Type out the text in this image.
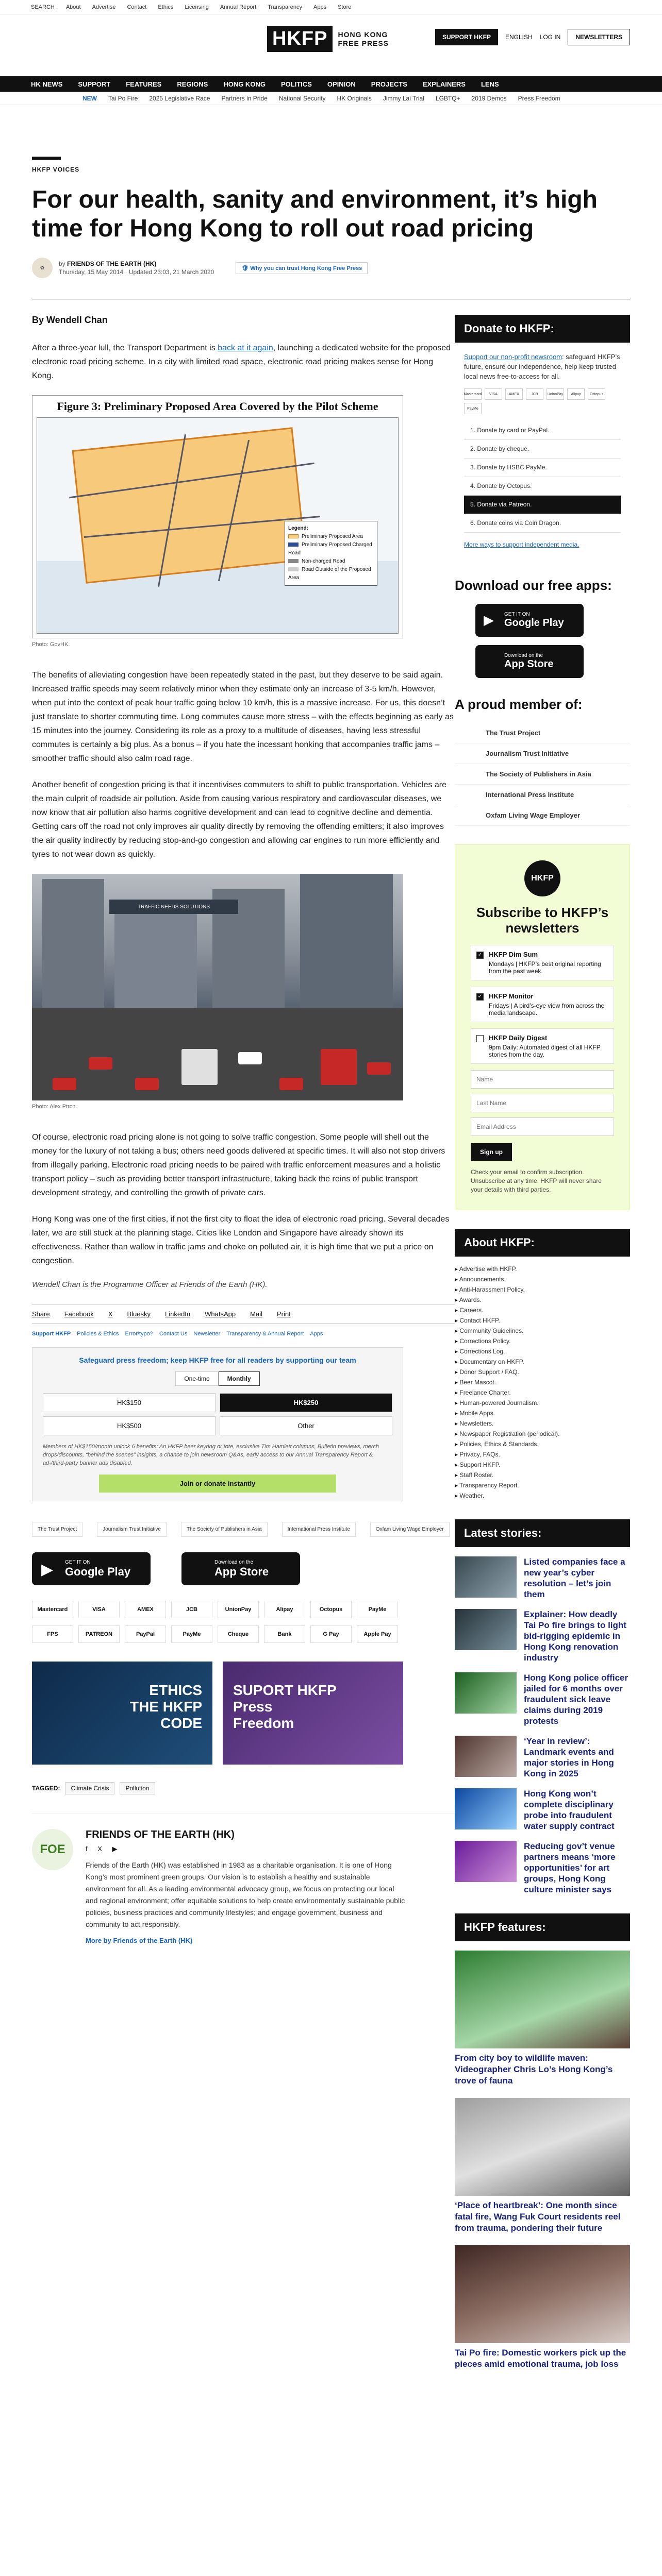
SEARCH About Advertise Contact Ethics Licensing Annual Report Transparency Apps Store
HKFP	HONG KONG
FREE PRESS
SUPPORT HKFP	ENGLISH LOG IN	NEWSLETTERS
HK NEWS SUPPORT FEATURES REGIONS HONG KONG POLITICS OPINION PROJECTS EXPLAINERS LENS
NEW Tai Po Fire 2025 Legislative Race Partners in Pride National Security HK Originals Jimmy Lai Trial LGBTQ+ 2019 Demos Press Freedom
HKFP VOICES
For our health, sanity and environment, it’s high time for Hong Kong to roll out road pricing
✿
by FRIENDS OF THE EARTH (HK)
Thursday, 15 May 2014 · Updated 23:03, 21 March 2020
🛡 Why you can trust Hong Kong Free Press
By Wendell Chan

After a three-year lull, the Transport Department is back at it again, launching a dedicated website for the proposed electronic road pricing scheme. In a city with limited road space, electronic road pricing makes sense for Hong Kong.

Figure 3: Preliminary Proposed Area Covered by the Pilot Scheme
Legend:
Preliminary Proposed Area
Preliminary Proposed Charged Road
Non-charged Road
Road Outside of the Proposed Area
Photo: GovHK.

The benefits of alleviating congestion have been repeatedly stated in the past, but they deserve to be said again. Increased traffic speeds may seem relatively minor when they estimate only an increase of 3-5 km/h. However, when put into the context of peak hour traffic going below 10 km/h, this is a massive increase. For us, this doesn’t just translate to shorter commuting time. Long commutes cause more stress – with the effects beginning as early as 15 minutes into the journey. Considering its role as a proxy to a multitude of diseases, having less stressful commutes is certainly a big plus. As a bonus – if you hate the incessant honking that accompanies traffic jams – smoother traffic should also calm road rage.

Another benefit of congestion pricing is that it incentivises commuters to shift to public transportation. Vehicles are the main culprit of roadside air pollution. Aside from causing various respiratory and cardiovascular diseases, we now know that air pollution also harms cognitive development and can lead to cognitive decline and dementia. Getting cars off the road not only improves air quality directly by removing the offending emitters; it also improves the air quality indirectly by reducing stop-and-go congestion and allowing car engines to run more efficiently and tyres to not wear down as quickly.

TRAFFIC NEEDS SOLUTIONS
Photo: Alex Ptrcn.

Of course, electronic road pricing alone is not going to solve traffic congestion. Some people will shell out the money for the luxury of not taking a bus; others need goods delivered at specific times. It will also not stop drivers from illegally parking. Electronic road pricing needs to be paired with traffic enforcement measures and a holistic transport policy – such as providing better transport infrastructure, taking back the reins of public transport development strategy, and controlling the growth of private cars.

Hong Kong was one of the first cities, if not the first city to float the idea of electronic road pricing. Several decades later, we are still stuck at the planning stage. Cities like London and Singapore have already shown its effectiveness. Rather than wallow in traffic jams and choke on polluted air, it is high time that we put a price on congestion.

Wendell Chan is the Programme Officer at Friends of the Earth (HK).
Share Facebook X Bluesky LinkedIn WhatsApp Mail Print
Support HKFP Policies & Ethics Error/typo? Contact Us Newsletter Transparency & Annual Report Apps
Safeguard press freedom; keep HKFP free for all readers by supporting our team
One-time	Monthly
HK$150	HK$250
HK$500	Other
Members of HK$150/month unlock 6 benefits: An HKFP beer keyring or tote, exclusive Tim Hamlett columns, Bulletin previews, merch drops/discounts, “behind the scenes” insights, a chance to join newsroom Q&As, early access to our Annual Transparency Report & ad-/third-party banner ads disabled.
Join or donate instantly
The Trust Project	Journalism Trust Initiative	The Society of Publishers in Asia	International Press Institute	Oxfam Living Wage Employer
▶ GET IT ON
Google Play
Download on the
App Store
Mastercard	VISA	AMEX	JCB	UnionPay	Alipay	Octopus	PayMe
FPS	PATREON	PayPal	PayMe	Cheque	Bank	G Pay	Apple Pay
ETHICS
THE HKFP
CODE
SUPORT HKFP
Press
Freedom
TAGGED:	Climate Crisis	Pollution
FOE
FRIENDS OF THE EARTH (HK)
f X ▶
Friends of the Earth (HK) was established in 1983 as a charitable organisation. It is one of Hong Kong’s most prominent green groups. Our vision is to establish a healthy and sustainable environment for all. As a leading environmental advocacy group, we focus on protecting our local and regional environment; offer equitable solutions to help create environmentally sustainable public policies, business practices and community lifestyles; and engage government, business and community to act responsibly.
More by Friends of the Earth (HK)
Donate to HKFP:
Support our non-profit newsroom: safeguard HKFP’s future, ensure our independence, help keep trusted local news free-to-access for all.
Mastercard	VISA	AMEX	JCB	UnionPay	Alipay	Octopus
PayMe
1. Donate by card or PayPal.
2. Donate by cheque.
3. Donate by HSBC PayMe.
4. Donate by Octopus.
5. Donate via Patreon.
6. Donate coins via Coin Dragon.
More ways to support independent media.
Download our free apps:
▶ GET IT ON
Google Play
Download on the
App Store
A proud member of:
The Trust Project
Journalism Trust Initiative
The Society of Publishers in Asia
International Press Institute
Oxfam Living Wage Employer
HKFP
Subscribe to HKFP’s newsletters
✓ HKFP Dim Sum
Mondays | HKFP’s best original reporting from the past week.
✓ HKFP Monitor
Fridays | A bird’s-eye view from across the media landscape.
HKFP Daily Digest
9pm Daily: Automated digest of all HKFP stories from the day.
Name Last Name Email Address Sign up
Check your email to confirm subscription. Unsubscribe at any time. HKFP will never share your details with third parties.
About HKFP:
▸ Advertise with HKFP.
▸ Announcements.
▸ Anti-Harassment Policy.
▸ Awards.
▸ Careers.
▸ Contact HKFP.
▸ Community Guidelines.
▸ Corrections Policy.
▸ Corrections Log.
▸ Documentary on HKFP.
▸ Donor Support / FAQ.
▸ Beer Mascot.
▸ Freelance Charter.
▸ Human-powered Journalism.
▸ Mobile Apps.
▸ Newsletters.
▸ Newspaper Registration (periodical).
▸ Policies, Ethics & Standards.
▸ Privacy, FAQs.
▸ Support HKFP.
▸ Staff Roster.
▸ Transparency Report.
▸ Weather.
Latest stories:
Listed companies face a new year’s cyber resolution – let’s join them
Explainer: How deadly Tai Po fire brings to light bid-rigging epidemic in Hong Kong renovation industry
Hong Kong police officer jailed for 6 months over fraudulent sick leave claims during 2019 protests
‘Year in review’: Landmark events and major stories in Hong Kong in 2025
Hong Kong won’t complete disciplinary probe into fraudulent water supply contract
Reducing gov’t venue partners means ‘more opportunities’ for art groups, Hong Kong culture minister says
HKFP features:
From city boy to wildlife maven: Videographer Chris Lo’s Hong Kong’s trove of fauna
‘Place of heartbreak’: One month since fatal fire, Wang Fuk Court residents reel from trauma, pondering their future
Tai Po fire: Domestic workers pick up the pieces amid emotional trauma, job loss
